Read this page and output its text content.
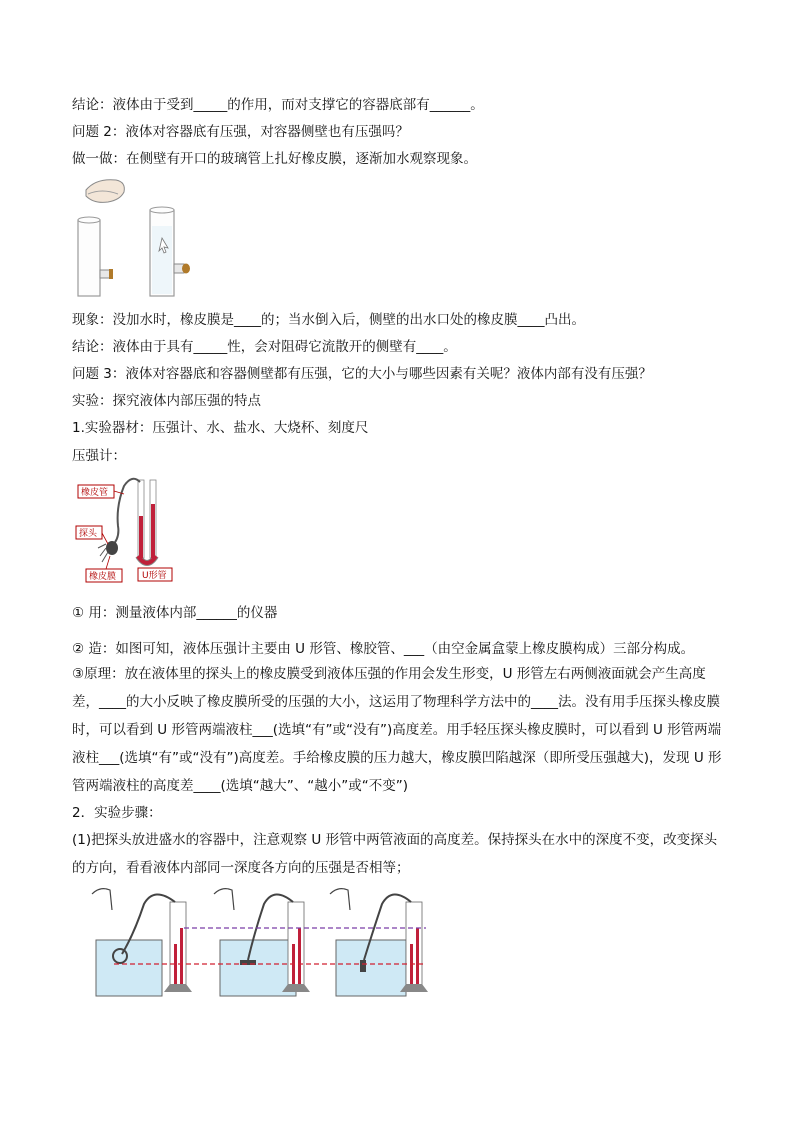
结论：液体由于受到_____的作用，而对支撑它的容器底部有______。
问题 2：液体对容器底有压强，对容器侧壁也有压强吗？
做一做：在侧壁有开口的玻璃管上扎好橡皮膜，逐渐加水观察现象。
现象：没加水时，橡皮膜是____的；当水倒入后，侧壁的出水口处的橡皮膜____凸出。
结论：液体由于具有_____性，会对阻碍它流散开的侧壁有____。
问题 3：液体对容器底和容器侧壁都有压强，它的大小与哪些因素有关呢？液体内部有没有压强？
实验：探究液体内部压强的特点
1.实验器材：压强计、水、盐水、大烧杯、刻度尺
压强计：
橡皮管
探头
橡皮膜	U形管
① 用：测量液体内部______的仪器
② 造：如图可知，液体压强计主要由 U 形管、橡胶管、___（由空金属盒蒙上橡皮膜构成）三部分构成。
③原理：放在液体里的探头上的橡皮膜受到液体压强的作用会发生形变，U 形管左右两侧液面就会产生高度差，____的大小反映了橡皮膜所受的压强的大小，这运用了物理科学方法中的____法。没有用手压探头橡皮膜时，可以看到 U 形管两端液柱___(选填“有”或“没有”)高度差。用手轻压探头橡皮膜时，可以看到 U 形管两端液柱___(选填“有”或“没有”)高度差。手给橡皮膜的压力越大，橡皮膜凹陷越深（即所受压强越大)，发现 U 形管两端液柱的高度差____(选填“越大”、“越小”或“不变”)
2．实验步骤：
(1)把探头放进盛水的容器中，注意观察 U 形管中两管液面的高度差。保持探头在水中的深度不变，改变探头的方向，看看液体内部同一深度各方向的压强是否相等；
